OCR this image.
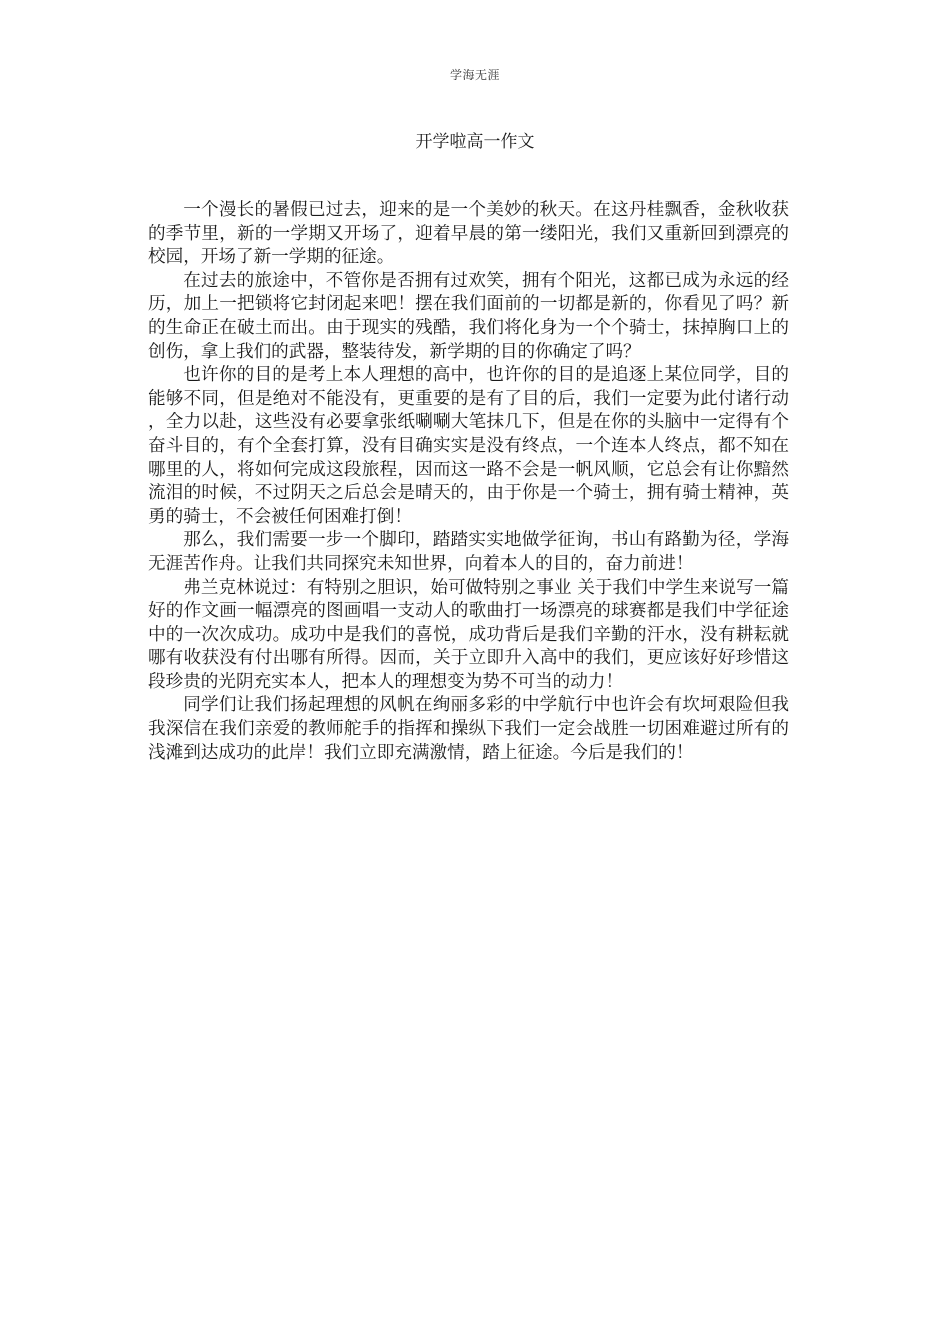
学海无涯
开学啦高一作文

一个漫长的暑假已过去，迎来的是一个美妙的秋天。在这丹桂飘香，金秋收获的季节里，新的一学期又开场了，迎着早晨的第一缕阳光，我们又重新回到漂亮的校园，开场了新一学期的征途。

在过去的旅途中，不管你是否拥有过欢笑，拥有个阳光，这都已成为永远的经历，加上一把锁将它封闭起来吧！摆在我们面前的一切都是新的，你看见了吗？新的生命正在破土而出。由于现实的残酷，我们将化身为一个个骑士，抹掉胸口上的创伤，拿上我们的武器，整装待发，新学期的目的你确定了吗？

也许你的目的是考上本人理想的高中，也许你的目的是追逐上某位同学，目的能够不同，但是绝对不能没有，更重要的是有了目的后，我们一定要为此付诸行动，全力以赴，这些没有必要拿张纸唰唰大笔抹几下，但是在你的头脑中一定得有个奋斗目的，有个全套打算，没有目确实实是没有终点，一个连本人终点，都不知在哪里的人，将如何完成这段旅程，因而这一路不会是一帆风顺，它总会有让你黯然流泪的时候，不过阴天之后总会是晴天的，由于你是一个骑士，拥有骑士精神，英勇的骑士，不会被任何困难打倒！

那么，我们需要一步一个脚印，踏踏实实地做学征询，书山有路勤为径，学海无涯苦作舟。让我们共同探究未知世界，向着本人的目的，奋力前进！

弗兰克林说过：有特别之胆识，始可做特别之事业 关于我们中学生来说写一篇好的作文画一幅漂亮的图画唱一支动人的歌曲打一场漂亮的球赛都是我们中学征途中的一次次成功。成功中是我们的喜悦，成功背后是我们辛勤的汗水，没有耕耘就哪有收获没有付出哪有所得。因而，关于立即升入高中的我们，更应该好好珍惜这段珍贵的光阴充实本人，把本人的理想变为势不可当的动力！

同学们让我们扬起理想的风帆在绚丽多彩的中学航行中也许会有坎坷艰险但我我深信在我们亲爱的教师舵手的指挥和操纵下我们一定会战胜一切困难避过所有的浅滩到达成功的此岸！我们立即充满激情，踏上征途。今后是我们的！
